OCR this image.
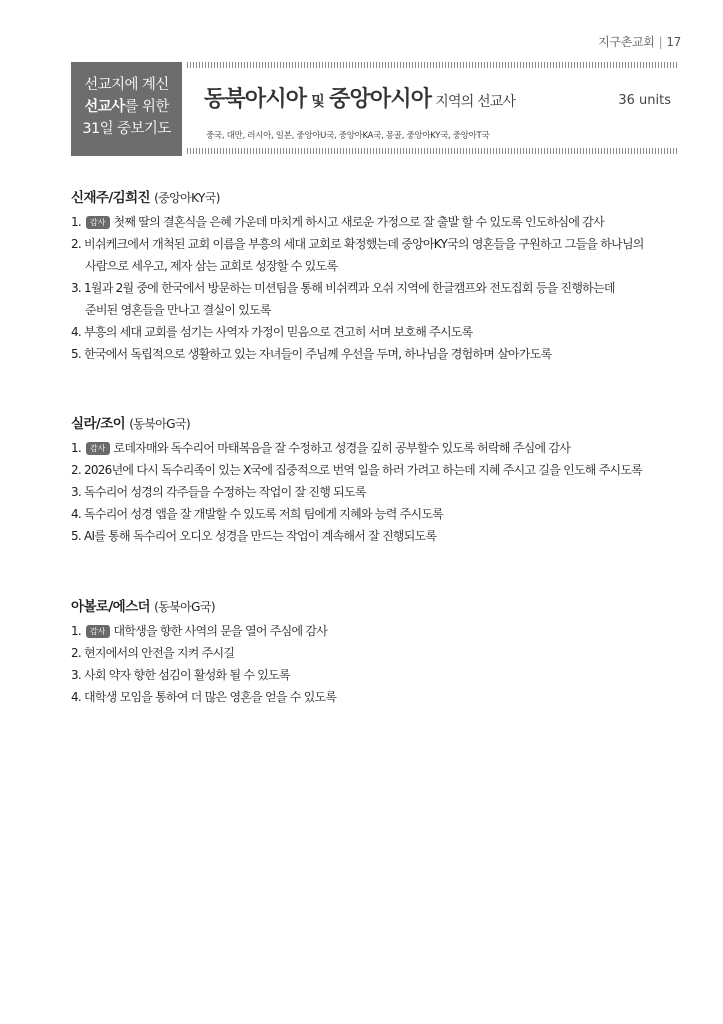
지구촌교회 | 17
선교지에 계신
선교사를 위한
31일 중보기도
동북아시아 및 중앙아시아 지역의 선교사	36 units
중국, 대만, 러시아, 일본, 중앙아U국, 중앙아KA국, 몽골, 중앙아KY국, 중앙아T국
신재주/김희진 (중앙아KY국)
1. 감사 첫째 딸의 결혼식을 은혜 가운데 마치게 하시고 새로운 가정으로 잘 출발 할 수 있도록 인도하심에 감사
2. 비쉬케크에서 개척된 교회 이름을 부흥의 세대 교회로 확정했는데 중앙아KY국의 영혼들을 구원하고 그들을 하나님의
사람으로 세우고, 제자 삼는 교회로 성장할 수 있도록
3. 1월과 2월 중에 한국에서 방문하는 미션팀을 통해 비쉬켁과 오쉬 지역에 한글캠프와 전도집회 등을 진행하는데
준비된 영혼들을 만나고 결실이 있도록
4. 부흥의 세대 교회를 섬기는 사역자 가정이 믿음으로 견고히 서며 보호해 주시도록
5. 한국에서 독립적으로 생활하고 있는 자녀들이 주님께 우선을 두며, 하나님을 경험하며 살아가도록
실라/조이 (동북아G국)
1. 감사 로데자매와 독수리어 마태복음을 잘 수정하고 성경을 깊히 공부할수 있도록 허락해 주심에 감사
2. 2026년에 다시 독수리족이 있는 X국에 집중적으로 번역 일을 하러 가려고 하는데 지혜 주시고 길을 인도해 주시도록
3. 독수리어 성경의 각주들을 수정하는 작업이 잘 진행 되도록
4. 독수리어 성경 앱을 잘 개발할 수 있도록 저희 팀에게 지혜와 능력 주시도록
5. AI를 통해 독수리어 오디오 성경을 만드는 작업이 계속해서 잘 진행되도록
아볼로/에스더 (동북아G국)
1. 감사 대학생을 향한 사역의 문을 열어 주심에 감사
2. 현지에서의 안전을 지켜 주시길
3. 사회 약자 향한 섬김이 활성화 될 수 있도록
4. 대학생 모임을 통하여 더 많은 영혼을 얻을 수 있도록
